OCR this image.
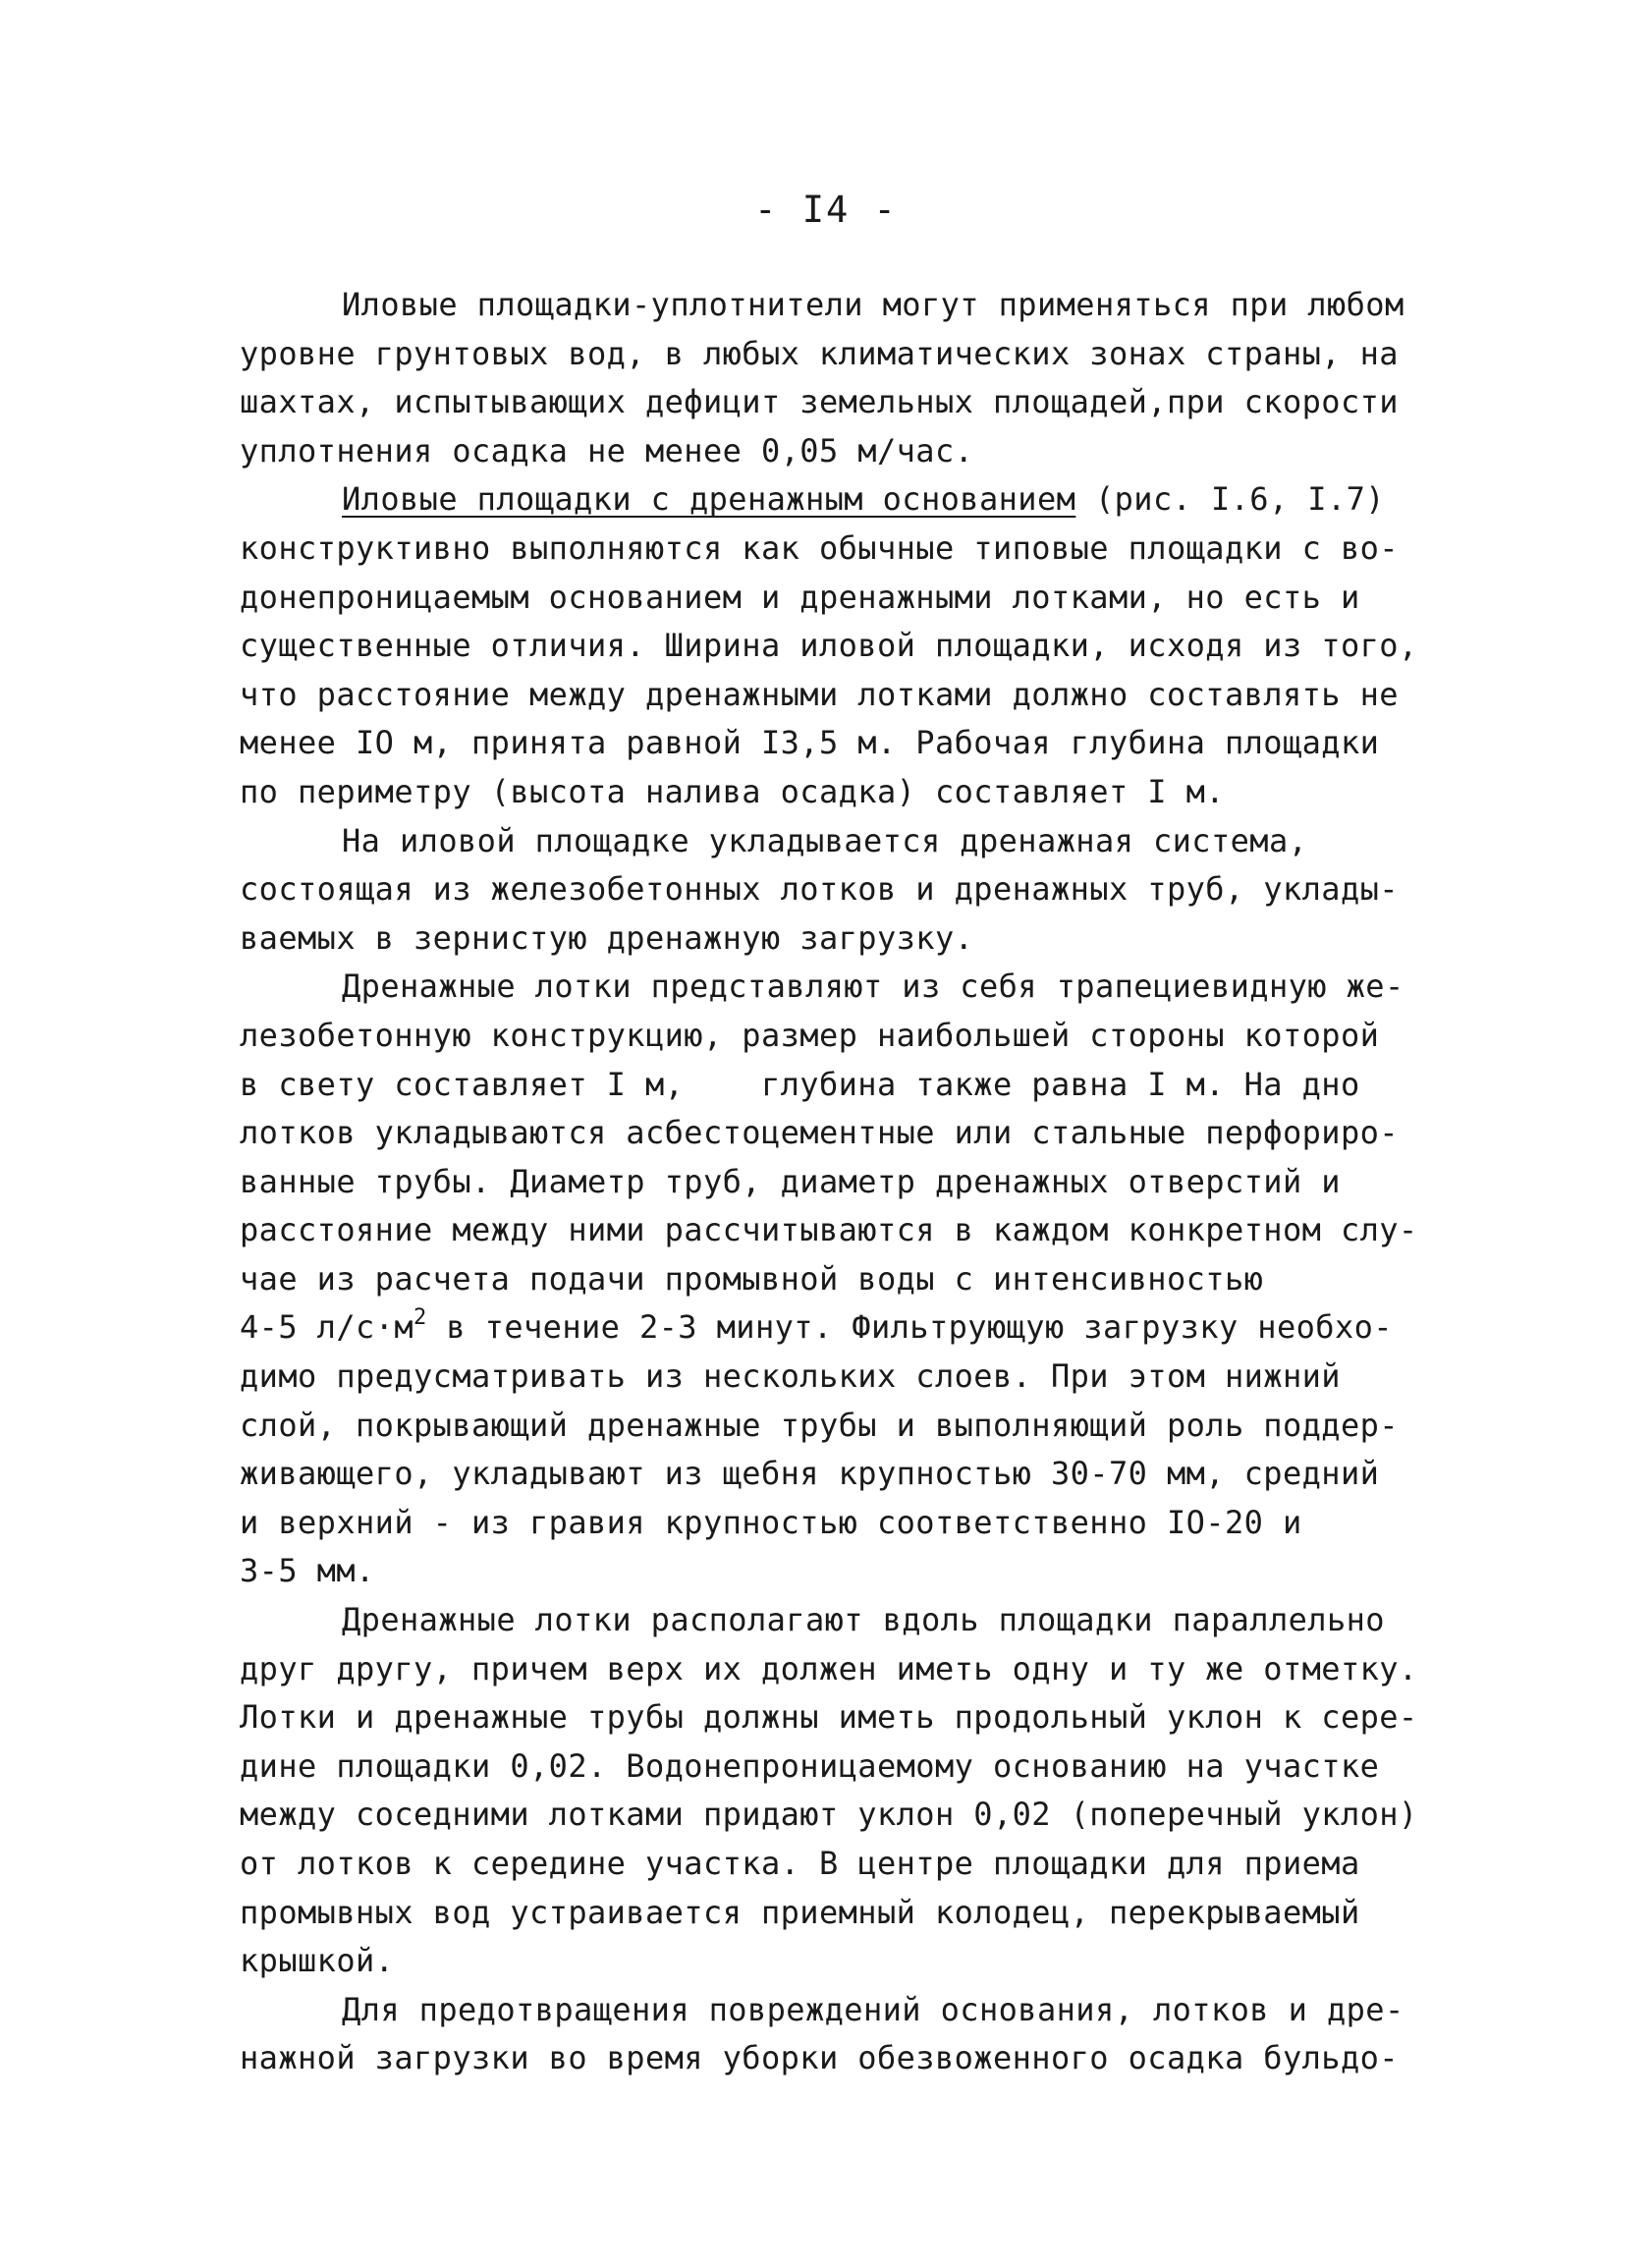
- I4 -
Иловые площадки-уплотнители могут применяться при любом
уровне грунтовых вод, в любых климатических зонах страны, на
шахтах, испытывающих дефицит земельных площадей,при скорости
уплотнения осадка не менее 0,05 м/час.
Иловые площадки с дренажным основанием (рис. I.6, I.7)
конструктивно выполняются как обычные типовые площадки с во-
донепроницаемым основанием и дренажными лотками, но есть и
существенные отличия. Ширина иловой площадки, исходя из того,
что расстояние между дренажными лотками должно составлять не
менее IO м, принята равной I3,5 м. Рабочая глубина площадки
по периметру (высота налива осадка) составляет I м.
На иловой площадке укладывается дренажная система,
состоящая из железобетонных лотков и дренажных труб, уклады-
ваемых в зернистую дренажную загрузку.
Дренажные лотки представляют из себя трапециевидную же-
лезобетонную конструкцию, размер наибольшей стороны которой
в свету составляет I м,    глубина также равна I м. На дно
лотков укладываются асбестоцементные или стальные перфориро-
ванные трубы. Диаметр труб, диаметр дренажных отверстий и
расстояние между ними рассчитываются в каждом конкретном слу-
чае из расчета подачи промывной воды с интенсивностью
4-5 $л/с\cdot м^2$ в течение 2-3 минут. Фильтрующую загрузку необхо-
димо предусматривать из нескольких слоев. При этом нижний
слой, покрывающий дренажные трубы и выполняющий роль поддер-
живающего, укладывают из щебня крупностью 30-70 мм, средний
и верхний - из гравия крупностью соответственно IO-20 и
3-5 мм.
Дренажные лотки располагают вдоль площадки параллельно
друг другу, причем верх их должен иметь одну и ту же отметку.
Лотки и дренажные трубы должны иметь продольный уклон к сере-
дине площадки 0,02. Водонепроницаемому основанию на участке
между соседними лотками придают уклон 0,02 (поперечный уклон)
от лотков к середине участка. В центре площадки для приема
промывных вод устраивается приемный колодец, перекрываемый
крышкой.
Для предотвращения повреждений основания, лотков и дре-
нажной загрузки во время уборки обезвоженного осадка бульдо-
